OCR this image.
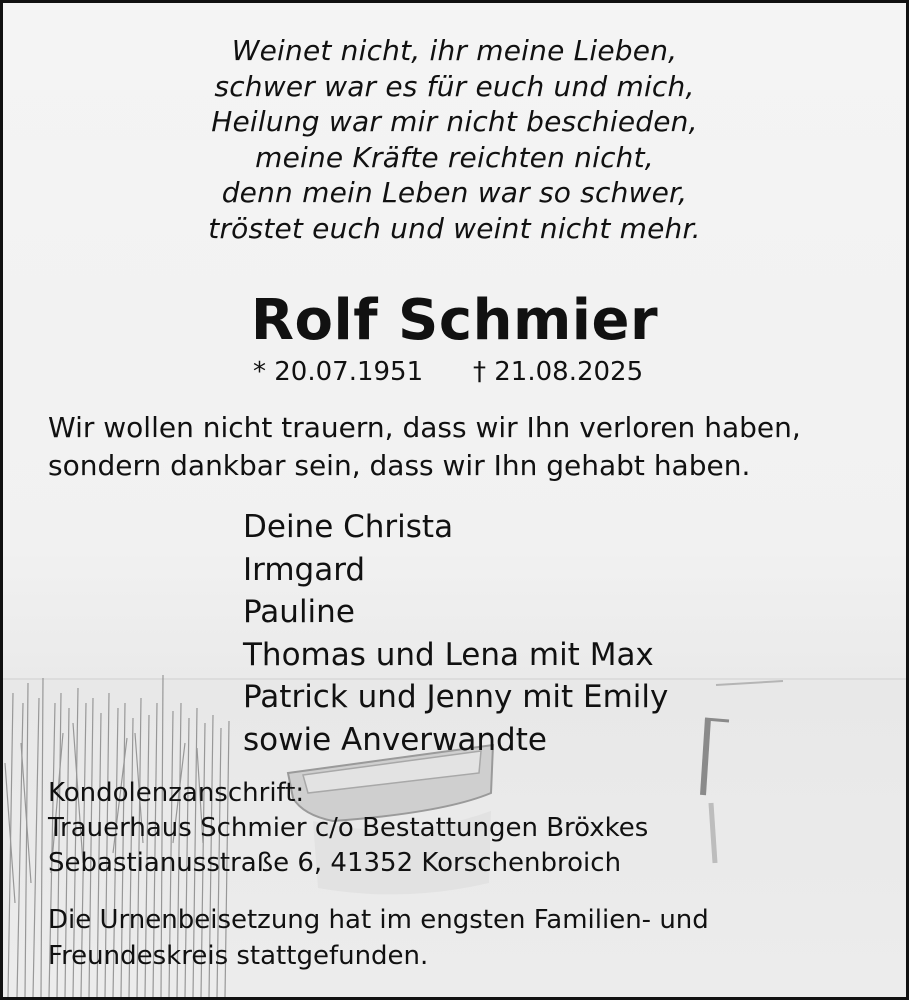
Weinet nicht, ihr meine Lieben,
schwer war es für euch und mich,
Heilung war mir nicht beschieden,
meine Kräfte reichten nicht,
denn mein Leben war so schwer,
tröstet euch und weint nicht mehr.
Rolf Schmier
* 20.07.1951 † 21.08.2025
Wir wollen nicht trauern, dass wir Ihn verloren haben,
sondern dankbar sein, dass wir Ihn gehabt haben.
Deine Christa
Irmgard
Pauline
Thomas und Lena mit Max
Patrick und Jenny mit Emily
sowie Anverwandte
Kondolenzanschrift:
Trauerhaus Schmier c/o Bestattungen Bröxkes
Sebastianusstraße 6, 41352 Korschenbroich
Die Urnenbeisetzung hat im engsten Familien- und
Freundeskreis stattgefunden.
